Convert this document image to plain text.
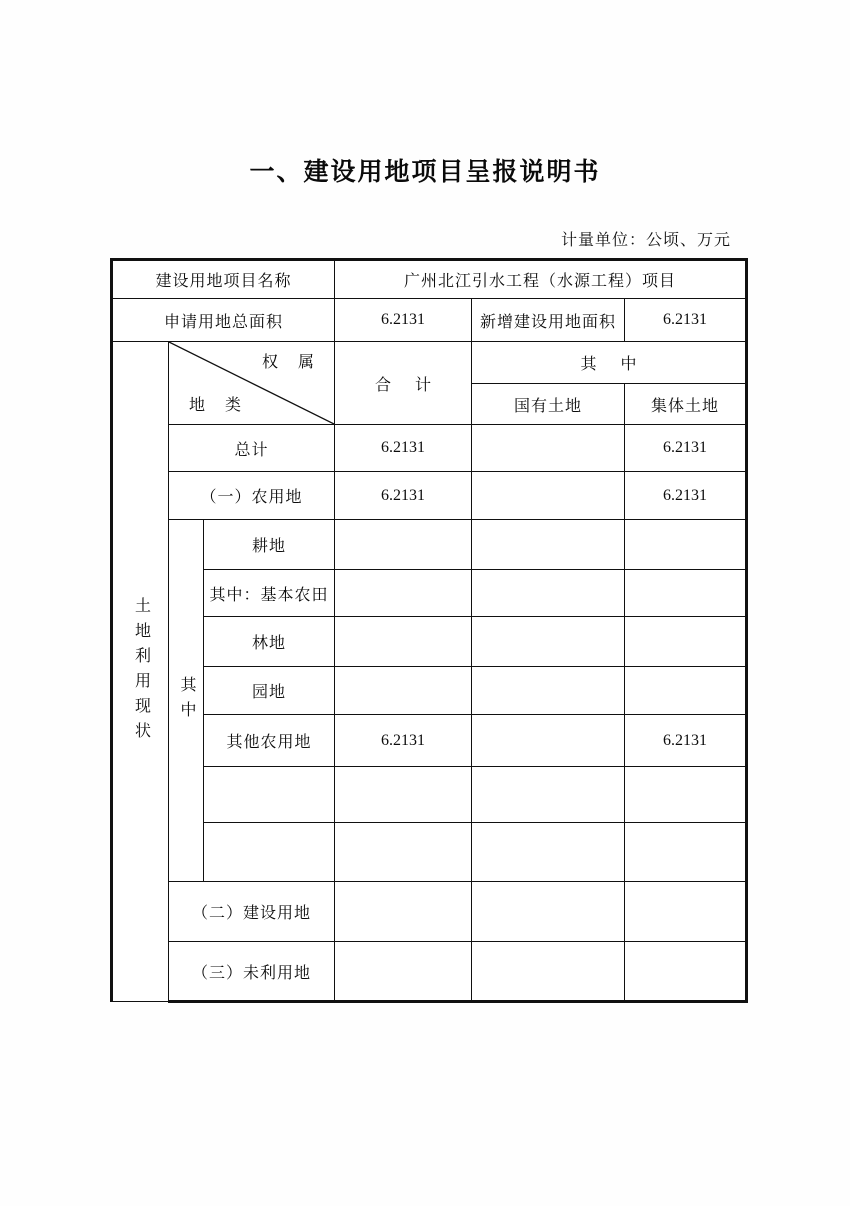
一、建设用地项目呈报说明书
计量单位：公顷、万元
建设用地项目名称			广州北江引水工程（水源工程）项目		
申请用地总面积			6.2131	新增建设用地面积	6.2131

土地利用现状	权 属
地 类		合 计	其 中	
				国有土地	集体土地
	总计		6.2131		6.2131
	（一）农用地		6.2131		6.2131

	其中	耕地			
		其中：基本农田			
		林地			
		园地			
		其他农用地	6.2131		6.2131

	（二）建设用地				
	（三）未利用地				
